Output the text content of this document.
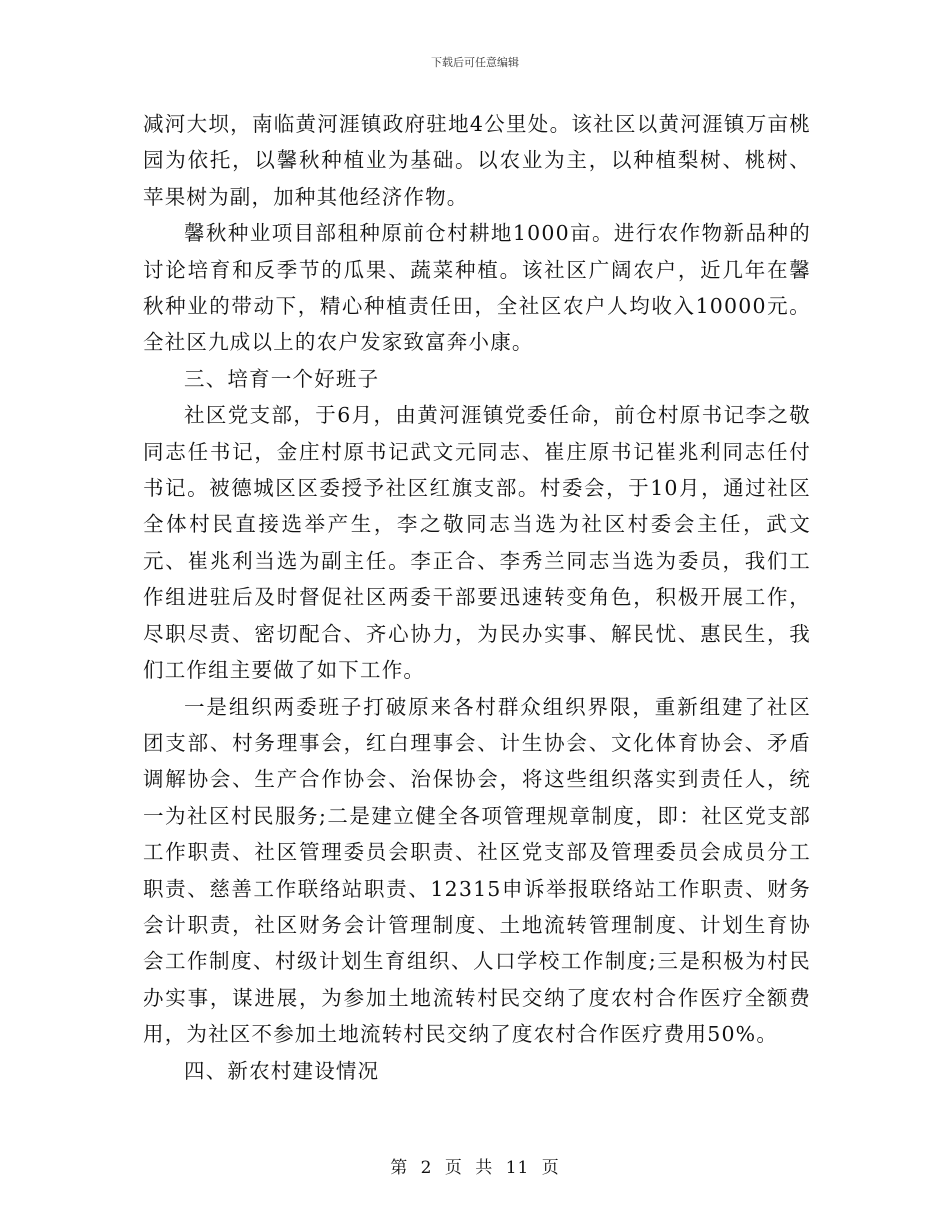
下载后可任意编辑

减河大坝，南临黄河涯镇政府驻地4公里处。该社区以黄河涯镇万亩桃园为依托，以馨秋种植业为基础。以农业为主，以种植梨树、桃树、苹果树为副，加种其他经济作物。

馨秋种业项目部租种原前仓村耕地1000亩。进行农作物新品种的讨论培育和反季节的瓜果、蔬菜种植。该社区广阔农户，近几年在馨秋种业的带动下，精心种植责任田，全社区农户人均收入10000元。全社区九成以上的农户发家致富奔小康。

三、培育一个好班子

社区党支部，于6月，由黄河涯镇党委任命，前仓村原书记李之敬同志任书记，金庄村原书记武文元同志、崔庄原书记崔兆利同志任付书记。被德城区区委授予社区红旗支部。村委会，于10月，通过社区全体村民直接选举产生，李之敬同志当选为社区村委会主任，武文元、崔兆利当选为副主任。李正合、李秀兰同志当选为委员，我们工作组进驻后及时督促社区两委干部要迅速转变角色，积极开展工作，尽职尽责、密切配合、齐心协力，为民办实事、解民忧、惠民生，我们工作组主要做了如下工作。

一是组织两委班子打破原来各村群众组织界限，重新组建了社区团支部、村务理事会，红白理事会、计生协会、文化体育协会、矛盾调解协会、生产合作协会、治保协会，将这些组织落实到责任人，统一为社区村民服务;二是建立健全各项管理规章制度，即：社区党支部工作职责、社区管理委员会职责、社区党支部及管理委员会成员分工职责、慈善工作联络站职责、12315申诉举报联络站工作职责、财务会计职责，社区财务会计管理制度、土地流转管理制度、计划生育协会工作制度、村级计划生育组织、人口学校工作制度;三是积极为村民办实事，谋进展，为参加土地流转村民交纳了度农村合作医疗全额费用，为社区不参加土地流转村民交纳了度农村合作医疗费用50%。

四、新农村建设情况

第 2 页 共 11 页
